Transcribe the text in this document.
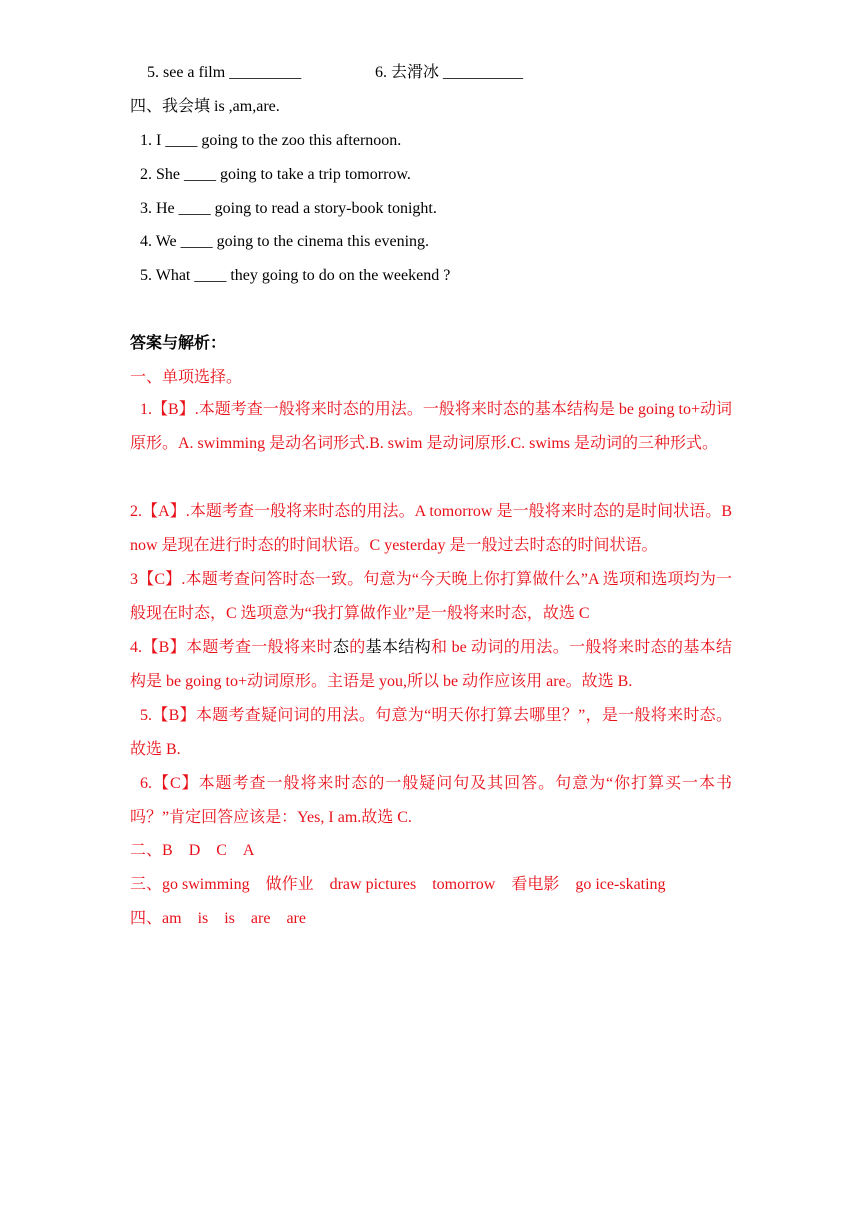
5. see a film _________	6. 去滑冰 __________
四、我会填 is ,am,are.
1. I ____ going to the zoo this afternoon.
2. She ____ going to take a trip tomorrow.
3. He ____ going to read a story-book tonight.
4. We ____ going to the cinema this evening.
5. What ____ they going to do on the weekend ?
答案与解析：
一、单项选择。
1.【B】.本题考查一般将来时态的用法。一般将来时态的基本结构是 be going to+动词原形。A. swimming 是动名词形式.B. swim 是动词原形.C. swims 是动词的三种形式。
2.【A】.本题考查一般将来时态的用法。A tomorrow 是一般将来时态的是时间状语。B now 是现在进行时态的时间状语。C yesterday 是一般过去时态的时间状语。
3【C】.本题考查问答时态一致。句意为“今天晚上你打算做什么”A 选项和选项均为一般现在时态，C 选项意为“我打算做作业”是一般将来时态，故选 C
4.【B】本题考查一般将来时态的基本结构和 be 动词的用法。一般将来时态的基本结构是 be going to+动词原形。主语是 you,所以 be 动作应该用 are。故选 B.
5.【B】本题考查疑问词的用法。句意为“明天你打算去哪里？”，是一般将来时态。故选 B.
6.【C】本题考查一般将来时态的一般疑问句及其回答。句意为“你打算买一本书吗？”肯定回答应该是：Yes, I am.故选 C.
二、B D C A
三、go swimming 做作业 draw pictures tomorrow 看电影 go ice-skating
四、am is is are are
